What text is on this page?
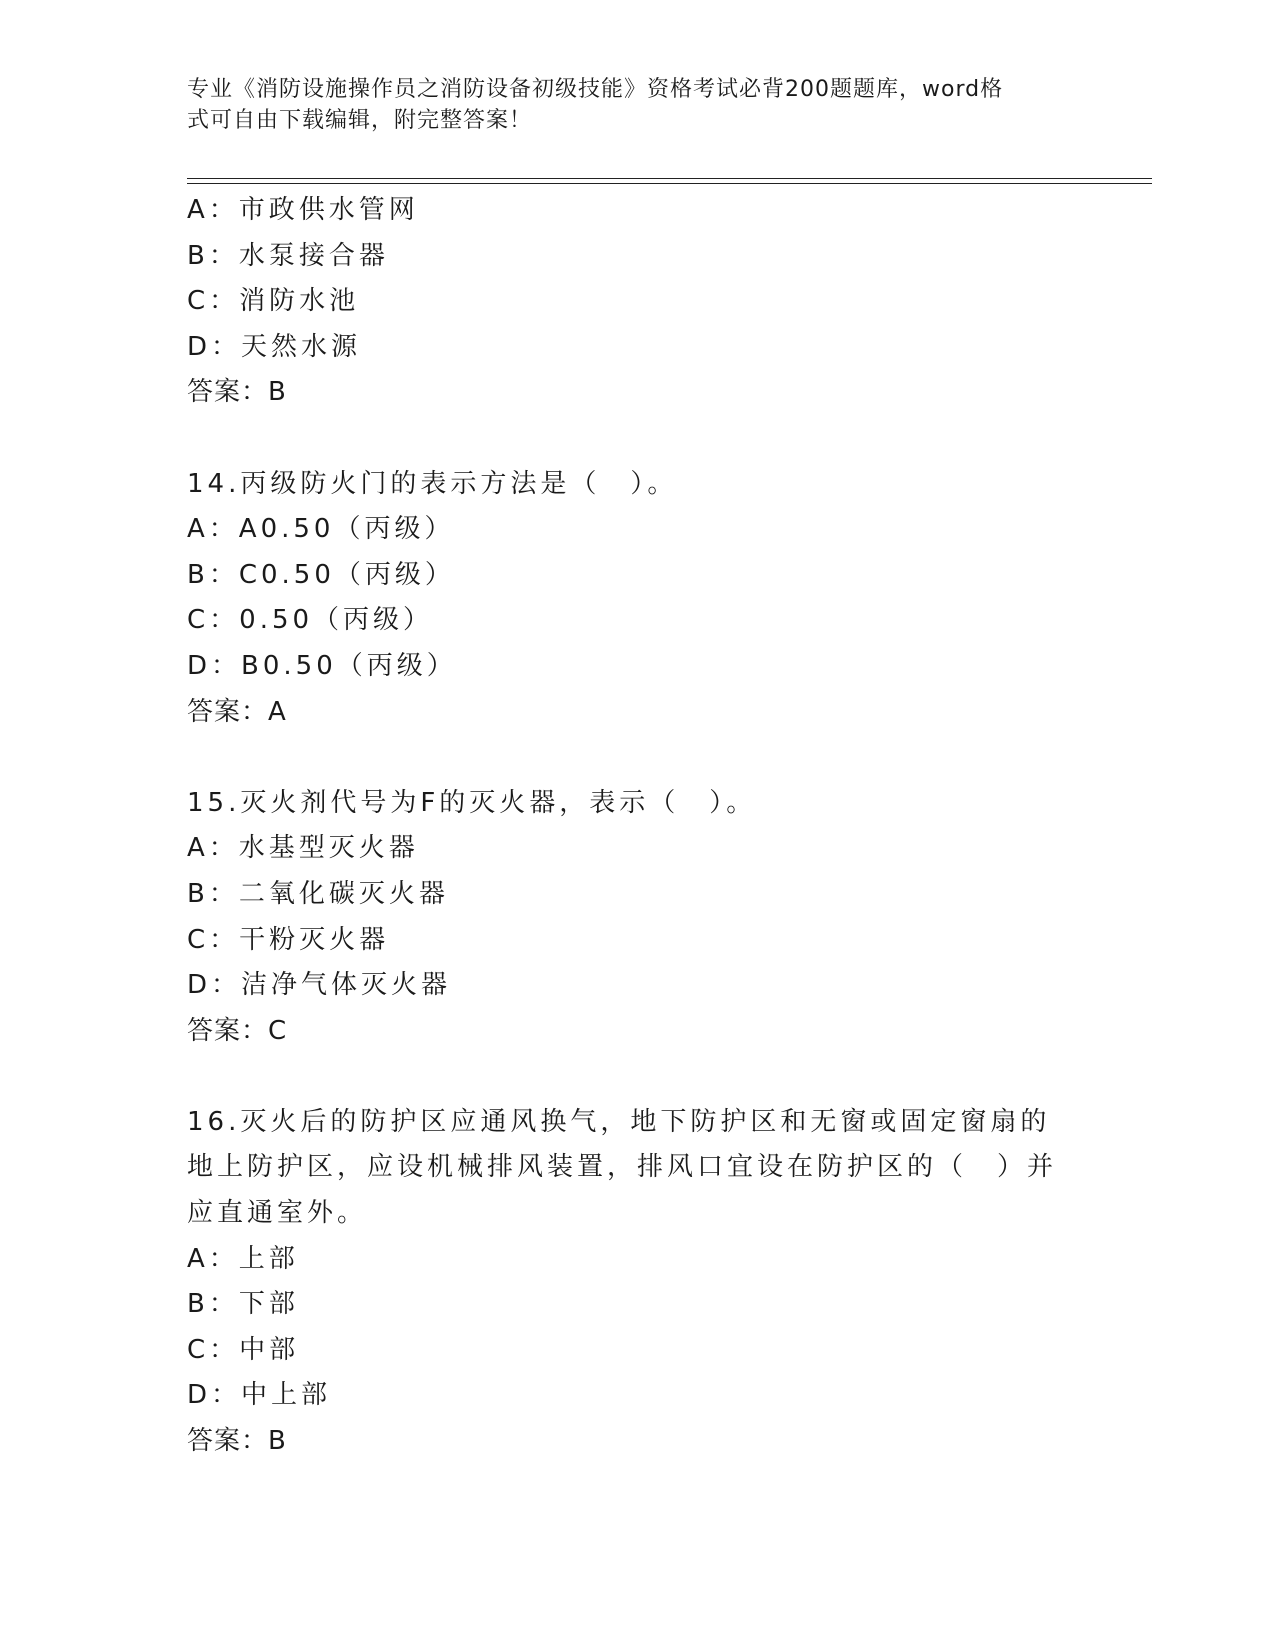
专业《消防设施操作员之消防设备初级技能》资格考试必背200题题库，word格
式可自由下载编辑，附完整答案！
A：市政供水管网
B：水泵接合器
C：消防水池
D：天然水源
答案：B
14.丙级防火门的表示方法是（　）。
A：A0.50（丙级）
B：C0.50（丙级）
C：0.50（丙级）
D：B0.50（丙级）
答案：A
15.灭火剂代号为F的灭火器，表示（　）。
A：水基型灭火器
B：二氧化碳灭火器
C：干粉灭火器
D：洁净气体灭火器
答案：C
16.灭火后的防护区应通风换气，地下防护区和无窗或固定窗扇的地上防护区，应设机械排风装置，排风口宜设在防护区的（　）并应直通室外。
A：上部
B：下部
C：中部
D：中上部
答案：B
